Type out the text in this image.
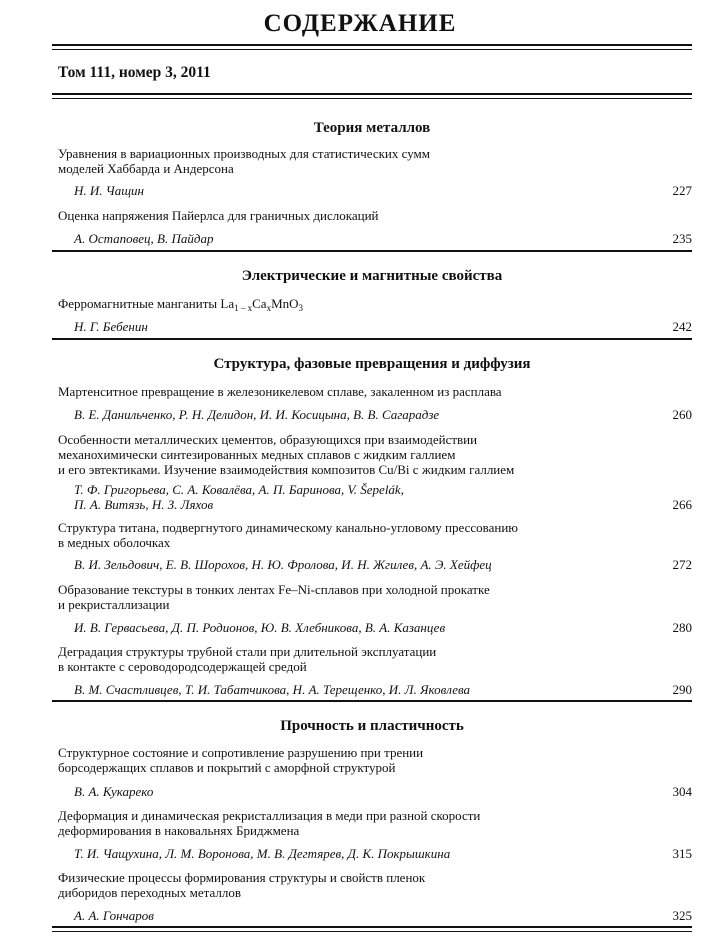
СОДЕРЖАНИЕ
Том 111, номер 3, 2011
Теория металлов
Уравнения в вариационных производных для статистических сумм
моделей Хаббарда и Андерсона
Н. И. Чащин	227
Оценка напряжения Пайерлса для граничных дислокаций
А. Остаповец, В. Пайдар	235
Электрические и магнитные свойства
Ферромагнитные манганиты $La_{1 - x}Ca_xMnO_3$
Н. Г. Бебенин	242
Структура, фазовые превращения и диффузия
Мартенситное превращение в железоникелевом сплаве, закаленном из расплава
В. Е. Данильченко, Р. Н. Делидон, И. И. Косицына, В. В. Сагарадзе	260
Особенности металлических цементов, образующихся при взаимодействии
механохимически синтезированных медных сплавов с жидким галлием
и его эвтектиками. Изучение взаимодействия композитов Cu/Bi с жидким галлием
Т. Ф. Григорьева, С. А. Ковалёва, А. П. Баринова, V. Šepelák,
П. А. Витязь, Н. З. Ляхов	266
Структура титана, подвергнутого динамическому канально-угловому прессованию
в медных оболочках
В. И. Зельдович, Е. В. Шорохов, Н. Ю. Фролова, И. Н. Жгилев, А. Э. Хейфец	272
Образование текстуры в тонких лентах Fe–Ni-сплавов при холодной прокатке
и рекристаллизации
И. В. Гервасьева, Д. П. Родионов, Ю. В. Хлебникова, В. А. Казанцев	280
Деградация структуры трубной стали при длительной эксплуатации
в контакте с сероводородсодержащей средой
В. М. Счастливцев, Т. И. Табатчикова, Н. А. Терещенко, И. Л. Яковлева	290
Прочность и пластичность
Структурное состояние и сопротивление разрушению при трении
борсодержащих сплавов и покрытий с аморфной структурой
В. А. Кукареко	304
Деформация и динамическая рекристаллизация в меди при разной скорости
деформирования в наковальнях Бриджмена
Т. И. Чащухина, Л. М. Воронова, М. В. Дегтярев, Д. К. Покрышкина	315
Физические процессы формирования структуры и свойств пленок
диборидов переходных металлов
А. А. Гончаров	325
